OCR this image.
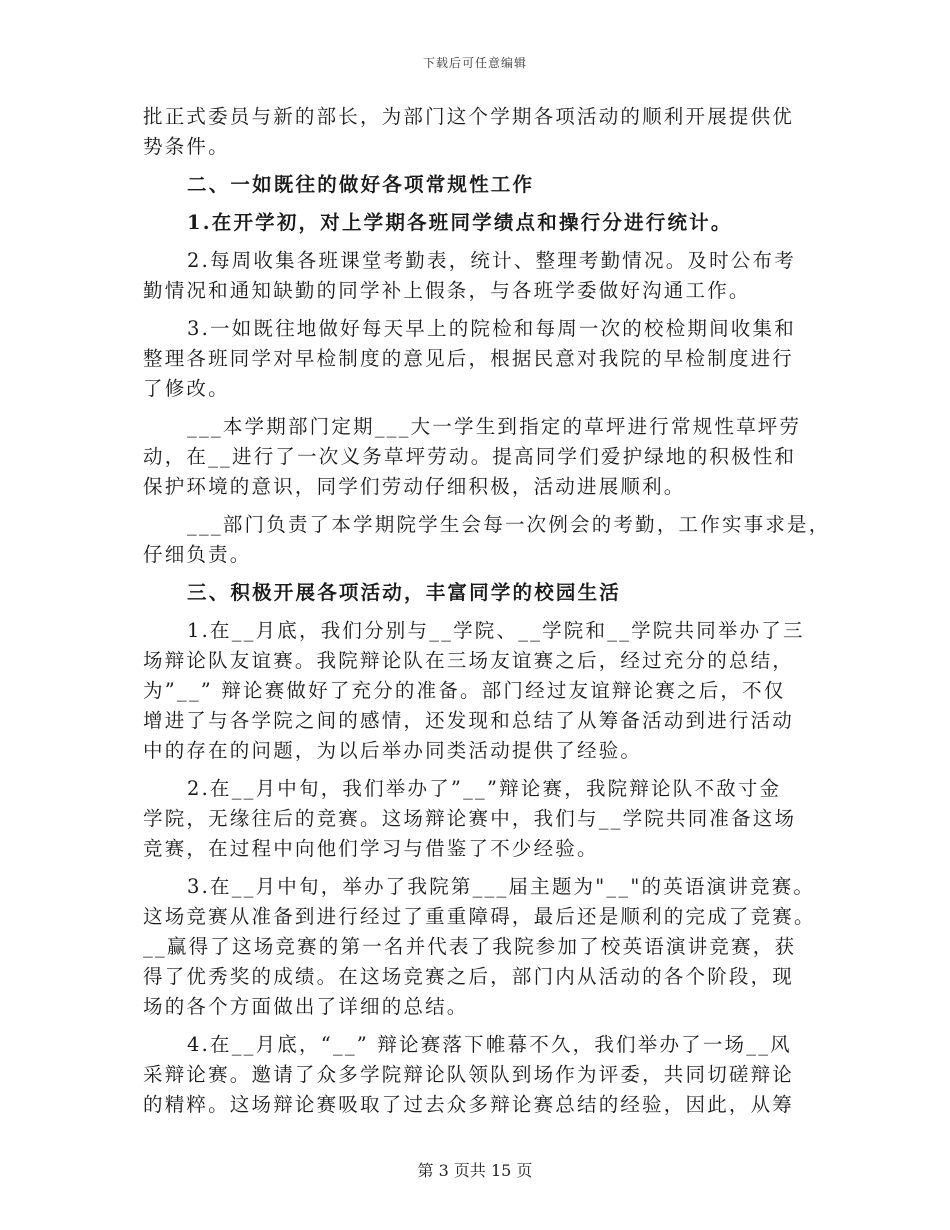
下载后可任意编辑
批正式委员与新的部长，为部门这个学期各项活动的顺利开展提供优
势条件。
二、一如既往的做好各项常规性工作
1.在开学初，对上学期各班同学绩点和操行分进行统计。
2.每周收集各班课堂考勤表，统计、整理考勤情况。及时公布考
勤情况和通知缺勤的同学补上假条，与各班学委做好沟通工作。
3.一如既往地做好每天早上的院检和每周一次的校检期间收集和
整理各班同学对早检制度的意见后，根据民意对我院的早检制度进行
了修改。
___本学期部门定期___大一学生到指定的草坪进行常规性草坪劳
动，在__进行了一次义务草坪劳动。提高同学们爱护绿地的积极性和
保护环境的意识，同学们劳动仔细积极，活动进展顺利。
___部门负责了本学期院学生会每一次例会的考勤，工作实事求是，
仔细负责。
三、积极开展各项活动，丰富同学的校园生活
1.在__月底，我们分别与__学院、__学院和__学院共同举办了三
场辩论队友谊赛。我院辩论队在三场友谊赛之后，经过充分的总结，
为”__” 辩论赛做好了充分的准备。部门经过友谊辩论赛之后，不仅
增进了与各学院之间的感情，还发现和总结了从筹备活动到进行活动
中的存在的问题，为以后举办同类活动提供了经验。
2.在__月中旬，我们举办了”__”辩论赛，我院辩论队不敌寸金
学院，无缘往后的竞赛。这场辩论赛中，我们与__学院共同准备这场
竞赛，在过程中向他们学习与借鉴了不少经验。
3.在__月中旬，举办了我院第___届主题为"__"的英语演讲竞赛。
这场竞赛从准备到进行经过了重重障碍，最后还是顺利的完成了竞赛。
__赢得了这场竞赛的第一名并代表了我院参加了校英语演讲竞赛，获
得了优秀奖的成绩。在这场竞赛之后，部门内从活动的各个阶段，现
场的各个方面做出了详细的总结。
4.在__月底，“__” 辩论赛落下帷幕不久，我们举办了一场__风
采辩论赛。邀请了众多学院辩论队领队到场作为评委，共同切磋辩论
的精粹。这场辩论赛吸取了过去众多辩论赛总结的经验，因此，从筹
第 3 页共 15 页
